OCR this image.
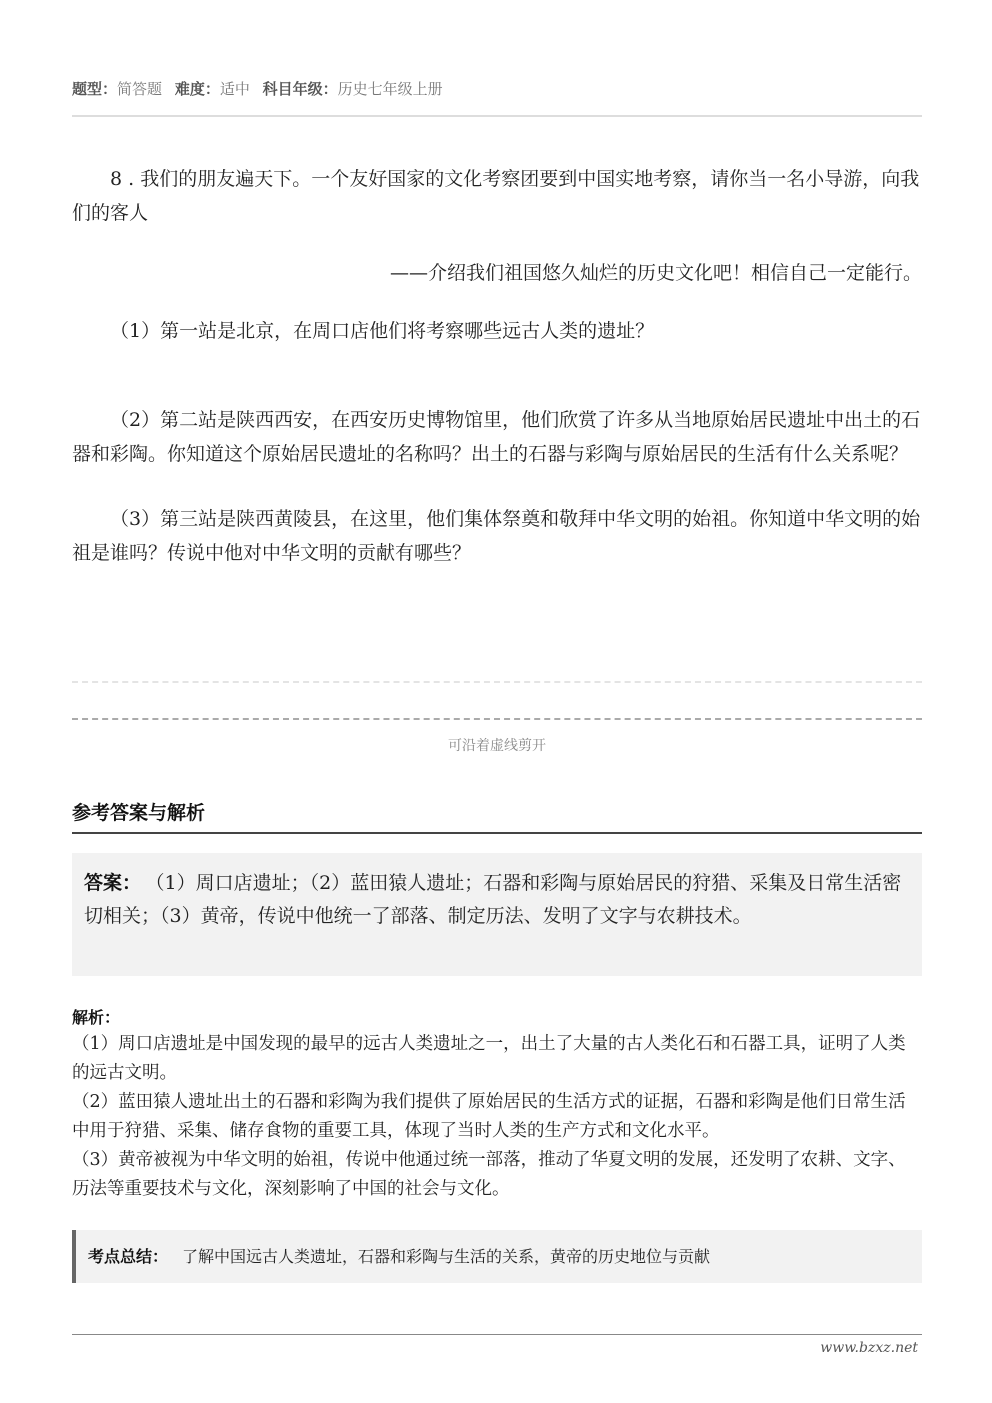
题型：简答题 难度：适中 科目年级：历史七年级上册
8 . 我们的朋友遍天下。一个友好国家的文化考察团要到中国实地考察，请你当一名小导游，向我们的客人
——介绍我们祖国悠久灿烂的历史文化吧！相信自己一定能行。
（1）第一站是北京，在周口店他们将考察哪些远古人类的遗址？
（2）第二站是陕西西安，在西安历史博物馆里，他们欣赏了许多从当地原始居民遗址中出土的石器和彩陶。你知道这个原始居民遗址的名称吗？出土的石器与彩陶与原始居民的生活有什么关系呢？
（3）第三站是陕西黄陵县，在这里，他们集体祭奠和敬拜中华文明的始祖。你知道中华文明的始祖是谁吗？传说中他对中华文明的贡献有哪些？
可沿着虚线剪开
参考答案与解析
答案： （1）周口店遗址；（2）蓝田猿人遗址；石器和彩陶与原始居民的狩猎、采集及日常生活密切相关；（3）黄帝，传说中他统一了部落、制定历法、发明了文字与农耕技术。
解析：

（1）周口店遗址是中国发现的最早的远古人类遗址之一，出土了大量的古人类化石和石器工具，证明了人类的远古文明。

（2）蓝田猿人遗址出土的石器和彩陶为我们提供了原始居民的生活方式的证据，石器和彩陶是他们日常生活中用于狩猎、采集、储存食物的重要工具，体现了当时人类的生产方式和文化水平。

（3）黄帝被视为中华文明的始祖，传说中他通过统一部落，推动了华夏文明的发展，还发明了农耕、文字、历法等重要技术与文化，深刻影响了中国的社会与文化。

考点总结： 了解中国远古人类遗址，石器和彩陶与生活的关系，黄帝的历史地位与贡献
www.bzxz.net
